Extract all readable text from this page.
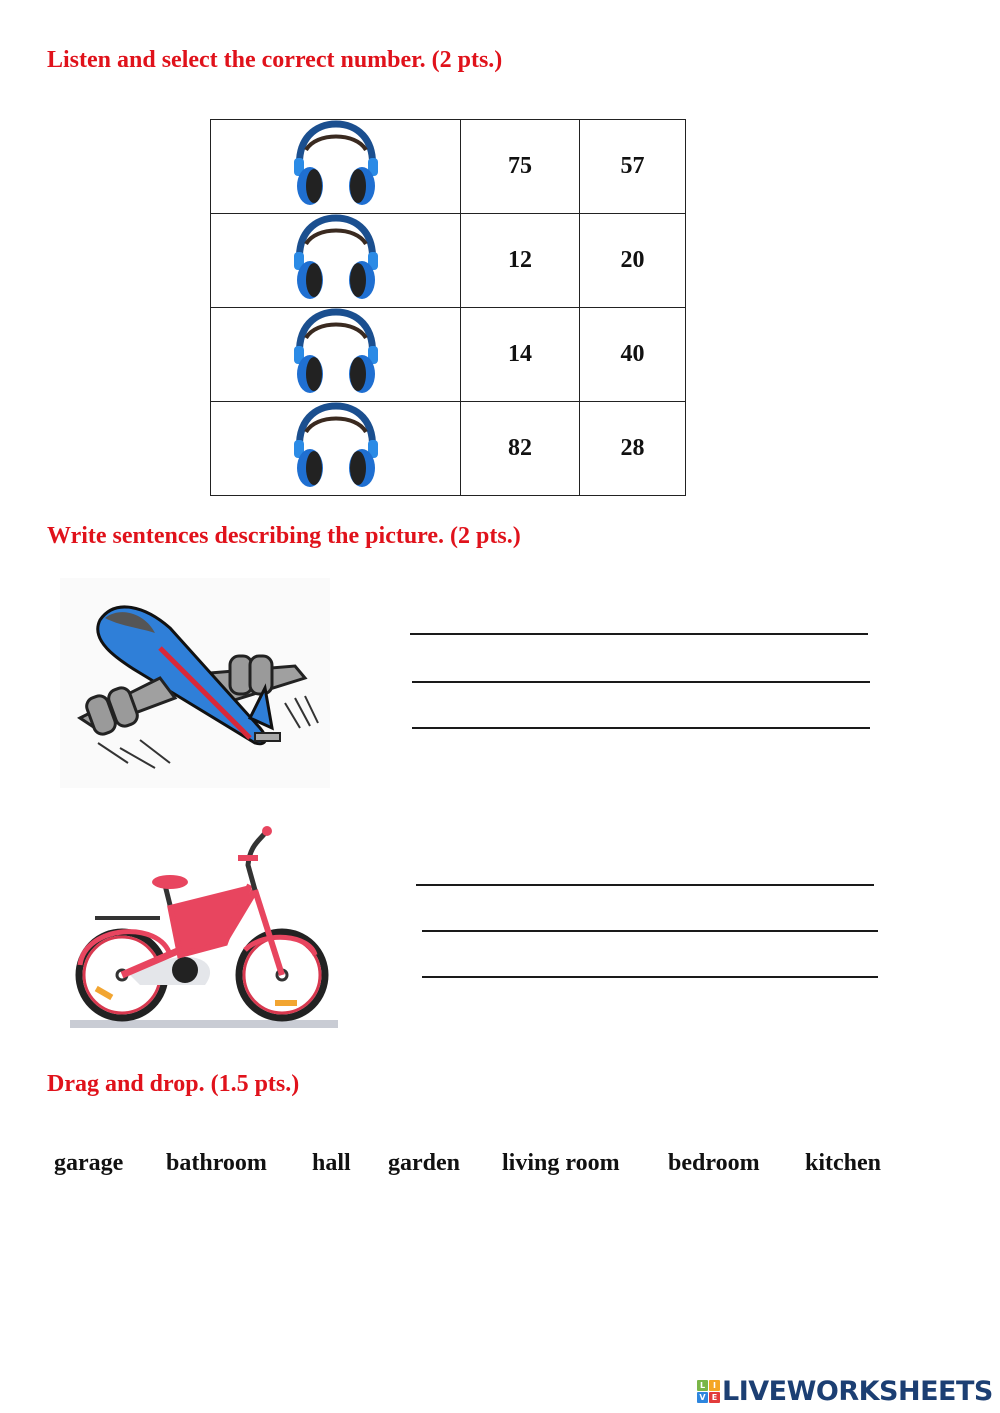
Listen and select the correct number. (2 pts.)
	75	57
	12	20
	14	40
	82	28
Write sentences describing the picture. (2 pts.)
Drag and drop. (1.5 pts.)
garage bathroom hall garden living room bedroom kitchen
L I
V E LIVEWORKSHEETS
